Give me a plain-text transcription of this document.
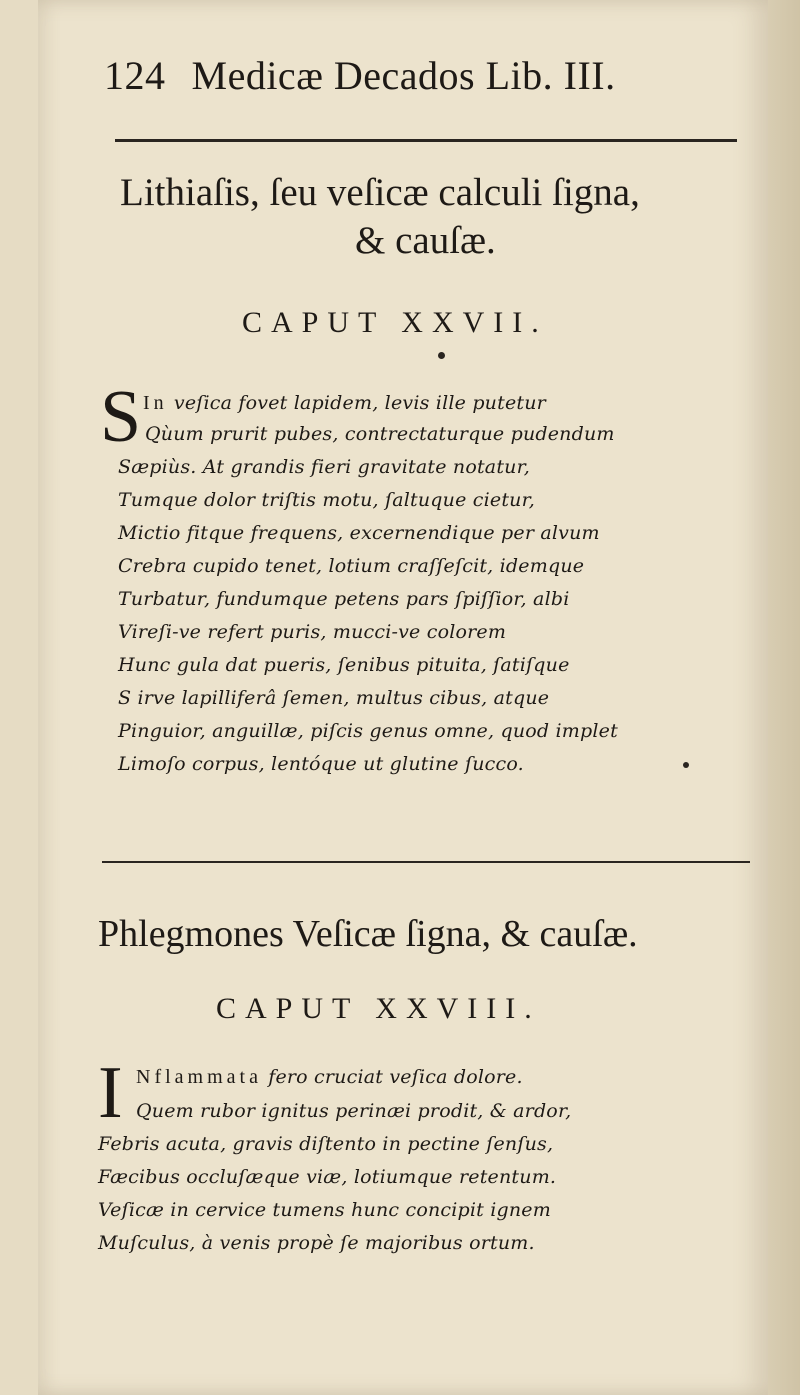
124 Medicæ Decados Lib. III.
Lithiaſis, ſeu veſicæ calculi ſigna,
& cauſæ.
CAPUT XXVII.
S In veſica fovet lapidem, levis ille putetur
Qùum prurit pubes, contrectaturque pudendum
Sæpiùs. At grandis fieri gravitate notatur,
Tumque dolor triſtis motu, ſaltuque cietur,
Mictio fitque frequens, excernendique per alvum
Crebra cupido tenet, lotium craſſeſcit, idemque
Turbatur, fundumque petens pars ſpiſſior, albi
Vireſi-ve refert puris, mucci-ve colorem
Hunc gula dat pueris, ſenibus pituita, ſatiſque
S irve lapilliferâ ſemen, multus cibus, atque
Pinguior, anguillæ, piſcis genus omne, quod implet
Limoſo corpus, lentóque ut glutine ſucco.
Phlegmones Veſicæ ſigna, & cauſæ.
CAPUT XXVIII.
I Nflammata fero cruciat veſica dolore.
Quem rubor ignitus perinæi prodit, & ardor,
Febris acuta, gravis diſtento in pectine ſenſus,
Fæcibus occluſæque viæ, lotiumque retentum.
Veſicæ in cervice tumens hunc concipit ignem
Muſculus, à venis propè ſe majoribus ortum.
